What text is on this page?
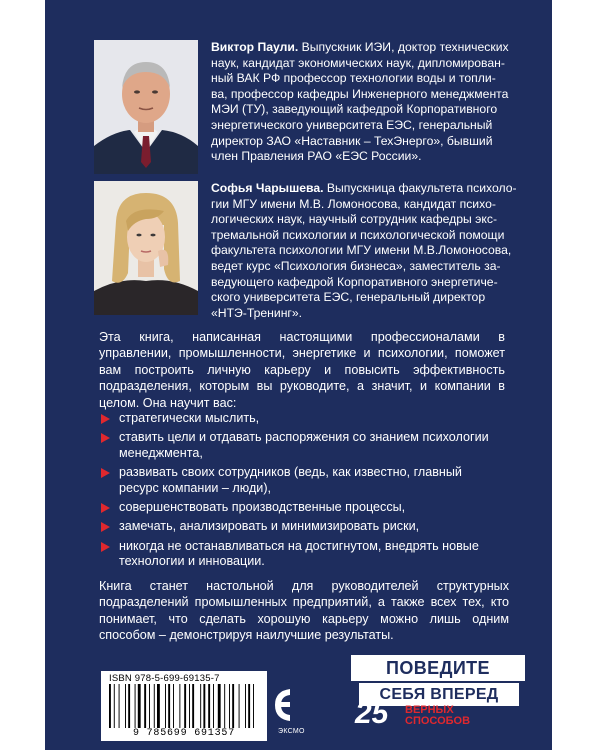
Виктор Паули. Выпускник ИЭИ, доктор технических
наук, кандидат экономических наук, дипломирован-
ный ВАК РФ профессор технологии воды и топли-
ва, профессор кафедры Инженерного менеджмента
МЭИ (ТУ), заведующий кафедрой Корпоративного
энергетического университета ЕЭС, генеральный
директор ЗАО «Наставник – ТехЭнерго», бывший
член Правления РАО «ЕЭС России».
Софья Чарышева. Выпускница факультета психоло-
гии МГУ имени М.В. Ломоносова, кандидат психо-
логических наук, научный сотрудник кафедры экс-
тремальной психологии и психологической помощи
факультета психологии МГУ имени М.В.Ломоносова,
ведет курс «Психология бизнеса», заместитель за-
ведующего кафедрой Корпоративного энергетиче-
ского университета ЕЭС, генеральный директор
«НТЭ-Тренинг».
Эта книга, написанная настоящими профессионалами в управлении, промышленности, энергетике и психологии, поможет вам построить личную карьеру и повысить эффективность подразделения, которым вы руководите, а значит, и компании в целом. Она научит вас:
стратегически мыслить,
ставить цели и отдавать распоряжения со знанием психологии менеджмента,
развивать своих сотрудников (ведь, как известно, главный ресурс компании – люди),
совершенствовать производственные процессы,
замечать, анализировать и минимизировать риски,
никогда не останавливаться на достигнутом, внедрять новые технологии и инновации.
Книга станет настольной для руководителей структурных подразделений промышленных предприятий, а также всех тех, кто понимает, что сделать хорошую карьеру можно лишь одним способом – демонстрируя наилучшие результаты.
ISBN 978-5-699-69135-7
9 785699 691357	ЭКСМО
ПОВЕДИТЕ
СЕБЯ ВПЕРЕД
25 ВЕРНЫХ
СПОСОБОВ
